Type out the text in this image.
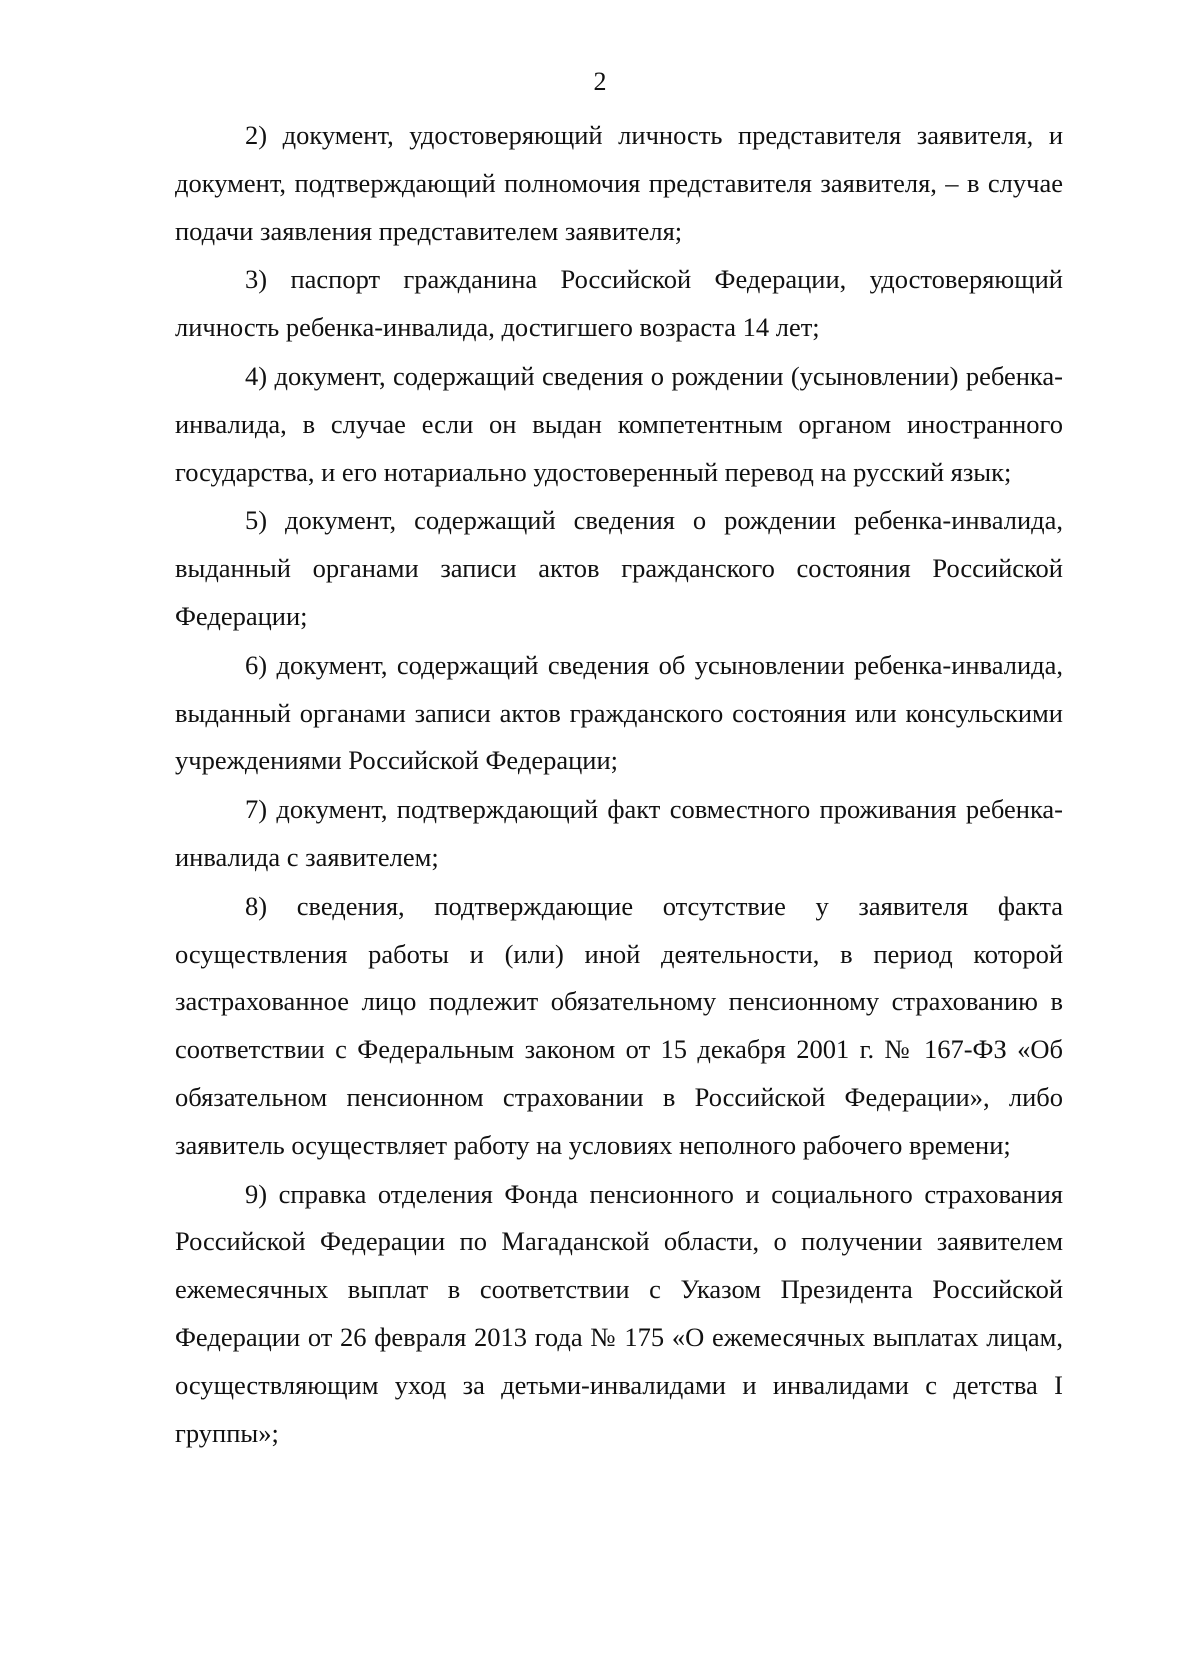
2

2) документ, удостоверяющий личность представителя заявителя, и документ, подтверждающий полномочия представителя заявителя, – в случае подачи заявления представителем заявителя;

3) паспорт гражданина Российской Федерации, удостоверяющий личность ребенка-инвалида, достигшего возраста 14 лет;

4) документ, содержащий сведения о рождении (усыновлении) ребенка-инвалида, в случае если он выдан компетентным органом иностранного государства, и его нотариально удостоверенный перевод на русский язык;

5) документ, содержащий сведения о рождении ребенка-инвалида, выданный органами записи актов гражданского состояния Российской Федерации;

6) документ, содержащий сведения об усыновлении ребенка-инвалида, выданный органами записи актов гражданского состояния или консульскими учреждениями Российской Федерации;

7) документ, подтверждающий факт совместного проживания ребенка-инвалида с заявителем;

8) сведения, подтверждающие отсутствие у заявителя факта осуществления работы и (или) иной деятельности, в период которой застрахованное лицо подлежит обязательному пенсионному страхованию в соответствии с Федеральным законом от 15 декабря 2001 г. № 167-ФЗ «Об обязательном пенсионном страховании в Российской Федерации», либо заявитель осуществляет работу на условиях неполного рабочего времени;

9) справка отделения Фонда пенсионного и социального страхования Российской Федерации по Магаданской области, о получении заявителем ежемесячных выплат в соответствии с Указом Президента Российской Федерации от 26 февраля 2013 года № 175 «О ежемесячных выплатах лицам, осуществляющим уход за детьми-инвалидами и инвалидами с детства I группы»;
